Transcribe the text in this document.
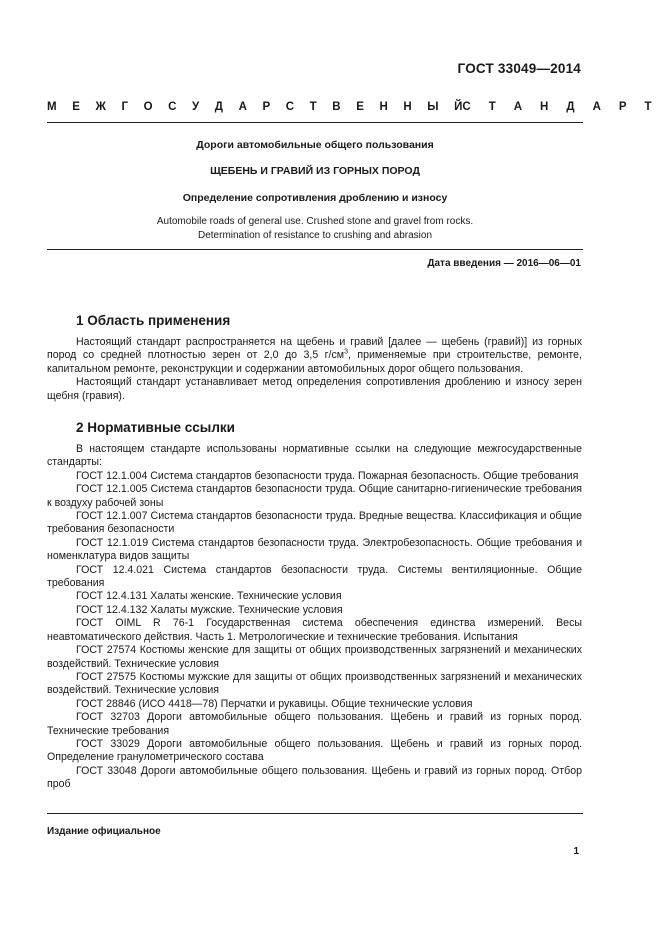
ГОСТ 33049—2014
М Е Ж Г О С У Д А Р С Т В Е Н Н Ы Й С Т А Н Д А Р Т
Дороги автомобильные общего пользования
ЩЕБЕНЬ И ГРАВИЙ ИЗ ГОРНЫХ ПОРОД
Определение сопротивления дроблению и износу
Automobile roads of general use. Crushed stone and gravel from rocks.
Determination of resistance to crushing and abrasion
Дата введения — 2016—06—01
1 Область применения

Настоящий стандарт распространяется на щебень и гравий [далее — щебень (гравий)] из горных пород со средней плотностью зерен от 2,0 до 3,5 $г/см^3$, применяемые при строительстве, ремонте, капитальном ремонте, реконструкции и содержании автомобильных дорог общего пользования.

Настоящий стандарт устанавливает метод определения сопротивления дроблению и износу зерен щебня (гравия).

2 Нормативные ссылки

В настоящем стандарте использованы нормативные ссылки на следующие межгосударственные стандарты:

ГОСТ 12.1.004 Система стандартов безопасности труда. Пожарная безопасность. Общие требования

ГОСТ 12.1.005 Система стандартов безопасности труда. Общие санитарно-гигиенические требования к воздуху рабочей зоны

ГОСТ 12.1.007 Система стандартов безопасности труда. Вредные вещества. Классификация и общие требования безопасности

ГОСТ 12.1.019 Система стандартов безопасности труда. Электробезопасность. Общие требования и номенклатура видов защиты

ГОСТ 12.4.021 Система стандартов безопасности труда. Системы вентиляционные. Общие требования

ГОСТ 12.4.131 Халаты женские. Технические условия

ГОСТ 12.4.132 Халаты мужские. Технические условия

ГОСТ OIML R 76-1 Государственная система обеспечения единства измерений. Весы неавтоматического действия. Часть 1. Метрологические и технические требования. Испытания

ГОСТ 27574 Костюмы женские для защиты от общих производственных загрязнений и механических воздействий. Технические условия

ГОСТ 27575 Костюмы мужские для защиты от общих производственных загрязнений и механических воздействий. Технические условия

ГОСТ 28846 (ИСО 4418—78) Перчатки и рукавицы. Общие технические условия

ГОСТ 32703 Дороги автомобильные общего пользования. Щебень и гравий из горных пород. Технические требования

ГОСТ 33029 Дороги автомобильные общего пользования. Щебень и гравий из горных пород. Определение гранулометрического состава

ГОСТ 33048 Дороги автомобильные общего пользования. Щебень и гравий из горных пород. Отбор проб

Издание официальное
1
